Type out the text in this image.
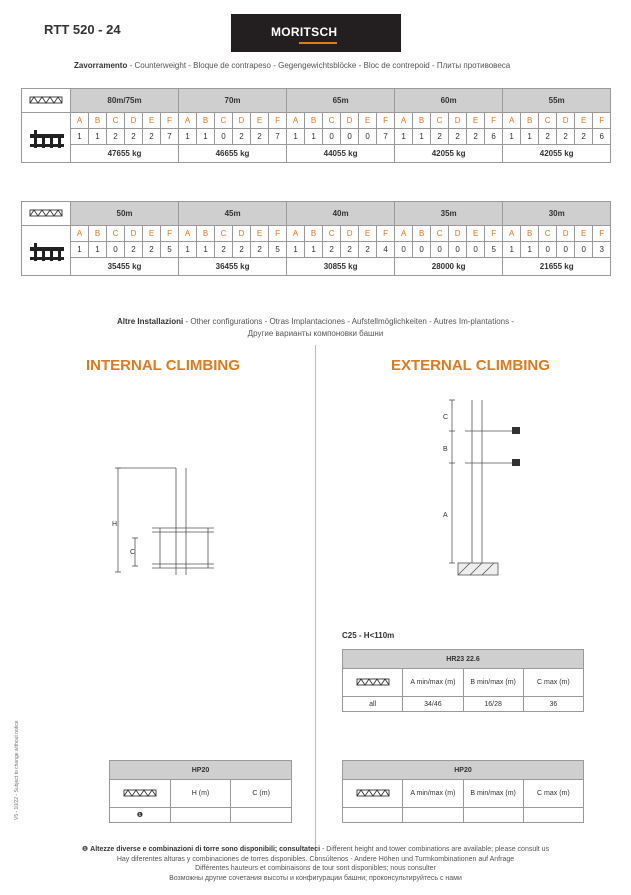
RTT 520 - 24	MORITSCH
Zavorramento - Counterweight - Bloque de contrapeso - Gegengewichtsblöcke - Bloc de contrepoid - Плиты противовеса
	80m/75m						70m						65m						60m						55m					
	A	B	C	D	E	F	A	B	C	D	E	F	A	B	C	D	E	F	A	B	C	D	E	F	A	B	C	D	E	F
	1	1	2	2	2	7	1	1	0	2	2	7	1	1	0	0	0	7	1	1	2	2	2	6	1	1	2	2	2	6
	47655 kg						46655 kg						44055 kg						42055 kg						42055 kg					
	50m						45m						40m						35m						30m					
	A	B	C	D	E	F	A	B	C	D	E	F	A	B	C	D	E	F	A	B	C	D	E	F	A	B	C	D	E	F
	1	1	0	2	2	5	1	1	2	2	2	5	1	1	2	2	2	4	0	0	0	0	0	5	1	1	0	0	0	3
	35455 kg						36455 kg						30855 kg						28000 kg						21655 kg					
Altre Installazioni - Other configurations - Otras Implantaciones - Aufstellmöglichkeiten - Autres Im-plantations -
Другие варианты компоновки башни
INTERNAL CLIMBING	EXTERNAL CLIMBING
H
C
C
B
A
C25 - H<110m
HR23 22.6			
	A min/max (m)	B min/max (m)	C max (m)
all	34/46	16/28	36
HP20		
	H (m)	C (m)
❶		
HP20			
	A min/max (m)	B min/max (m)	C max (m)

❶ Altezze diverse e combinazioni di torre sono disponibili; consultateci - Different height and tower combinations are available; please consult us
Hay diferentes alturas y combinaciones de torres disponibles. Consúltenos - Andere Höhen und Turmkombinationen auf Anfrage
Différentes hauteurs et combinaisons de tour sont disponibles; nous consulter
Возможны другие сочетания высоты и конфигурации башни; проконсультируйтесь с нами
V5 - 10/22 - Subject to change without notice
